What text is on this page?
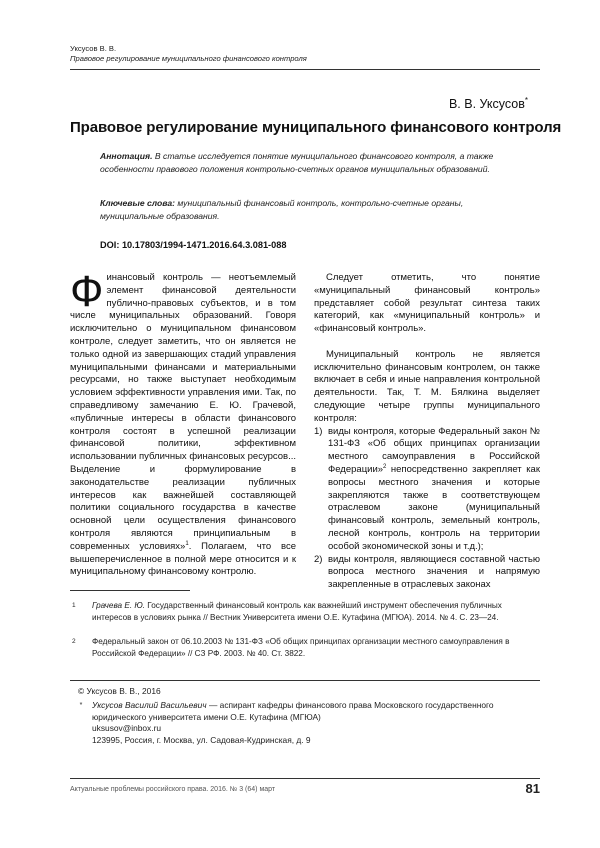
Уксусов В. В.
Правовое регулирование муниципального финансового контроля
В. В. Уксусов*
Правовое регулирование муниципального финансового контроля
Аннотация. В статье исследуется понятие муниципального финансового контроля, а также особенности правового положения контрольно-счетных органов муниципальных образований.
Ключевые слова: муниципальный финансовый контроль, контрольно-счетные органы, муниципальные образования.
DOI: 10.17803/1994-1471.2016.64.3.081-088

Финансовый контроль — неотъемлемый элемент финансовой деятельности публично-правовых субъектов, и в том числе муниципальных образований. Говоря исключительно о муниципальном финансовом контроле, следует заметить, что он является не только одной из завершающих стадий управления муниципальными финансами и материальными ресурсами, но также выступает необходимым условием эффективности управления ими. Так, по справедливому замечанию Е. Ю. Грачевой, «публичные интересы в области финансового контроля состоят в успешной реализации финансовой политики, эффективном использовании публичных финансовых ресурсов... Выделение и формулирование в законодательстве реализации публичных интересов как важнейшей составляющей политики социального государства в качестве основной цели осуществления финансового контроля являются принципиальным в современных условиях»$^1$. Полагаем, что все вышеперечисленное в полной мере относится и к муниципальному финансовому контролю.

Следует отметить, что понятие «муниципальный финансовый контроль» представляет собой результат синтеза таких категорий, как «муниципальный контроль» и «финансовый контроль».

Муниципальный контроль не является исключительно финансовым контролем, он также включает в себя и иные направления контрольной деятельности. Так, Т. М. Бялкина выделяет следующие четыре группы муниципального контроля:

1) виды контроля, которые Федеральный закон № 131-ФЗ «Об общих принципах организации местного самоуправления в Российской Федерации»$^2$ непосредственно закрепляет как вопросы местного значения и которые закрепляются также в соответствующем отраслевом законе (муниципальный финансовый контроль, земельный контроль, лесной контроль, контроль на территории особой экономической зоны и т.д.);
2) виды контроля, являющиеся составной частью вопроса местного значения и напрямую закрепленные в отраслевых законах
1	Грачева Е. Ю. Государственный финансовый контроль как важнейший инструмент обеспечения публичных интересов в условиях рынка // Вестник Университета имени О.Е. Кутафина (МГЮА). 2014. № 4. С. 23—24.
2	Федеральный закон от 06.10.2003 № 131-ФЗ «Об общих принципах организации местного самоуправления в Российской Федерации» // СЗ РФ. 2003. № 40. Ст. 3822.
© Уксусов В. В., 2016
*	Уксусов Василий Васильевич — аспирант кафедры финансового права Московского государственного юридического университета имени О.Е. Кутафина (МГЮА)
uksusov@inbox.ru
123995, Россия, г. Москва, ул. Садовая-Кудринская, д. 9
Актуальные проблемы российского права. 2016. № 3 (64) март	81
